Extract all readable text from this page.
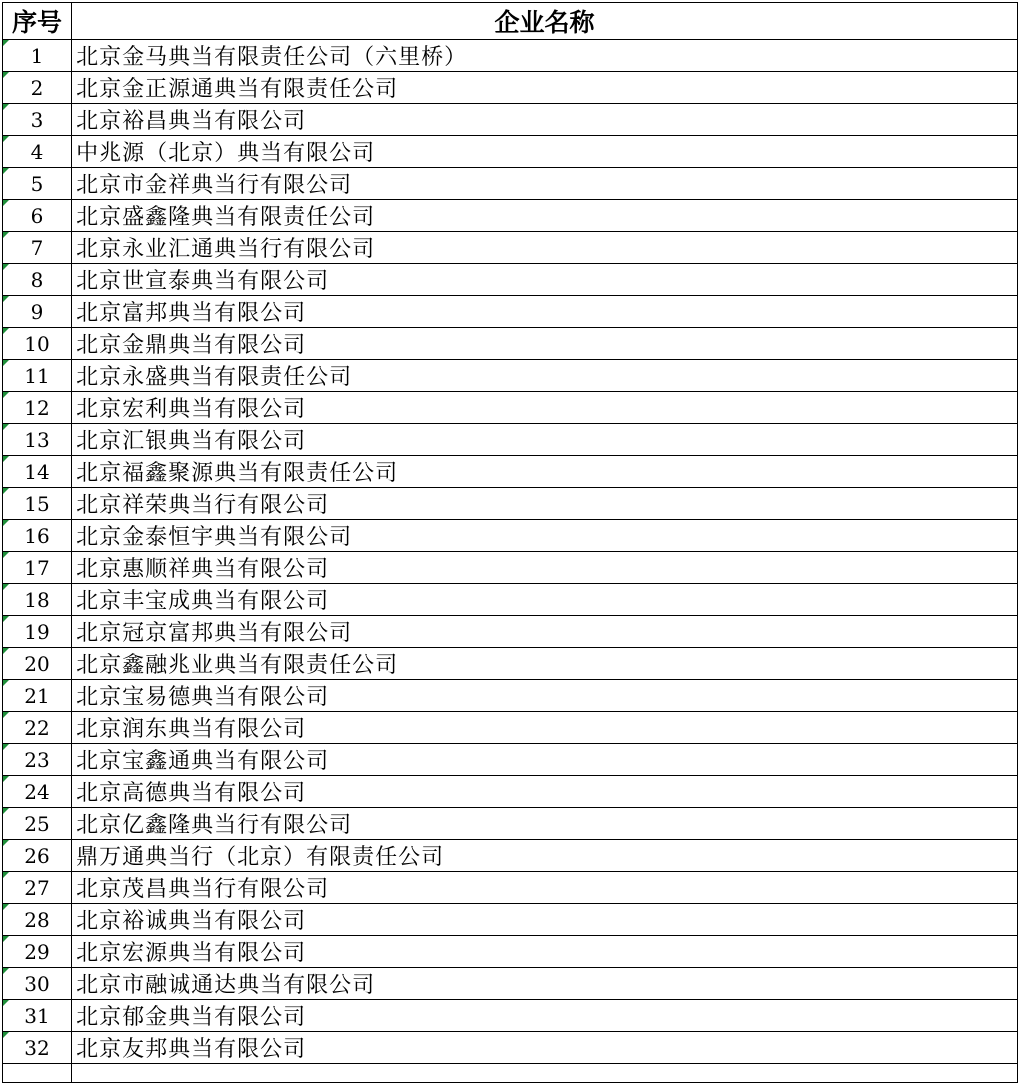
序号	企业名称
1	北京金马典当有限责任公司（六里桥）
2	北京金正源通典当有限责任公司
3	北京裕昌典当有限公司
4	中兆源（北京）典当有限公司
5	北京市金祥典当行有限公司
6	北京盛鑫隆典当有限责任公司
7	北京永业汇通典当行有限公司
8	北京世宣泰典当有限公司
9	北京富邦典当有限公司
10	北京金鼎典当有限公司
11	北京永盛典当有限责任公司
12	北京宏利典当有限公司
13	北京汇银典当有限公司
14	北京福鑫聚源典当有限责任公司
15	北京祥荣典当行有限公司
16	北京金泰恒宇典当有限公司
17	北京惠顺祥典当有限公司
18	北京丰宝成典当有限公司
19	北京冠京富邦典当有限公司
20	北京鑫融兆业典当有限责任公司
21	北京宝易德典当有限公司
22	北京润东典当有限公司
23	北京宝鑫通典当有限公司
24	北京高德典当有限公司
25	北京亿鑫隆典当行有限公司
26	鼎万通典当行（北京）有限责任公司
27	北京茂昌典当行有限公司
28	北京裕诚典当有限公司
29	北京宏源典当有限公司
30	北京市融诚通达典当有限公司
31	北京郁金典当有限公司
32	北京友邦典当有限公司
